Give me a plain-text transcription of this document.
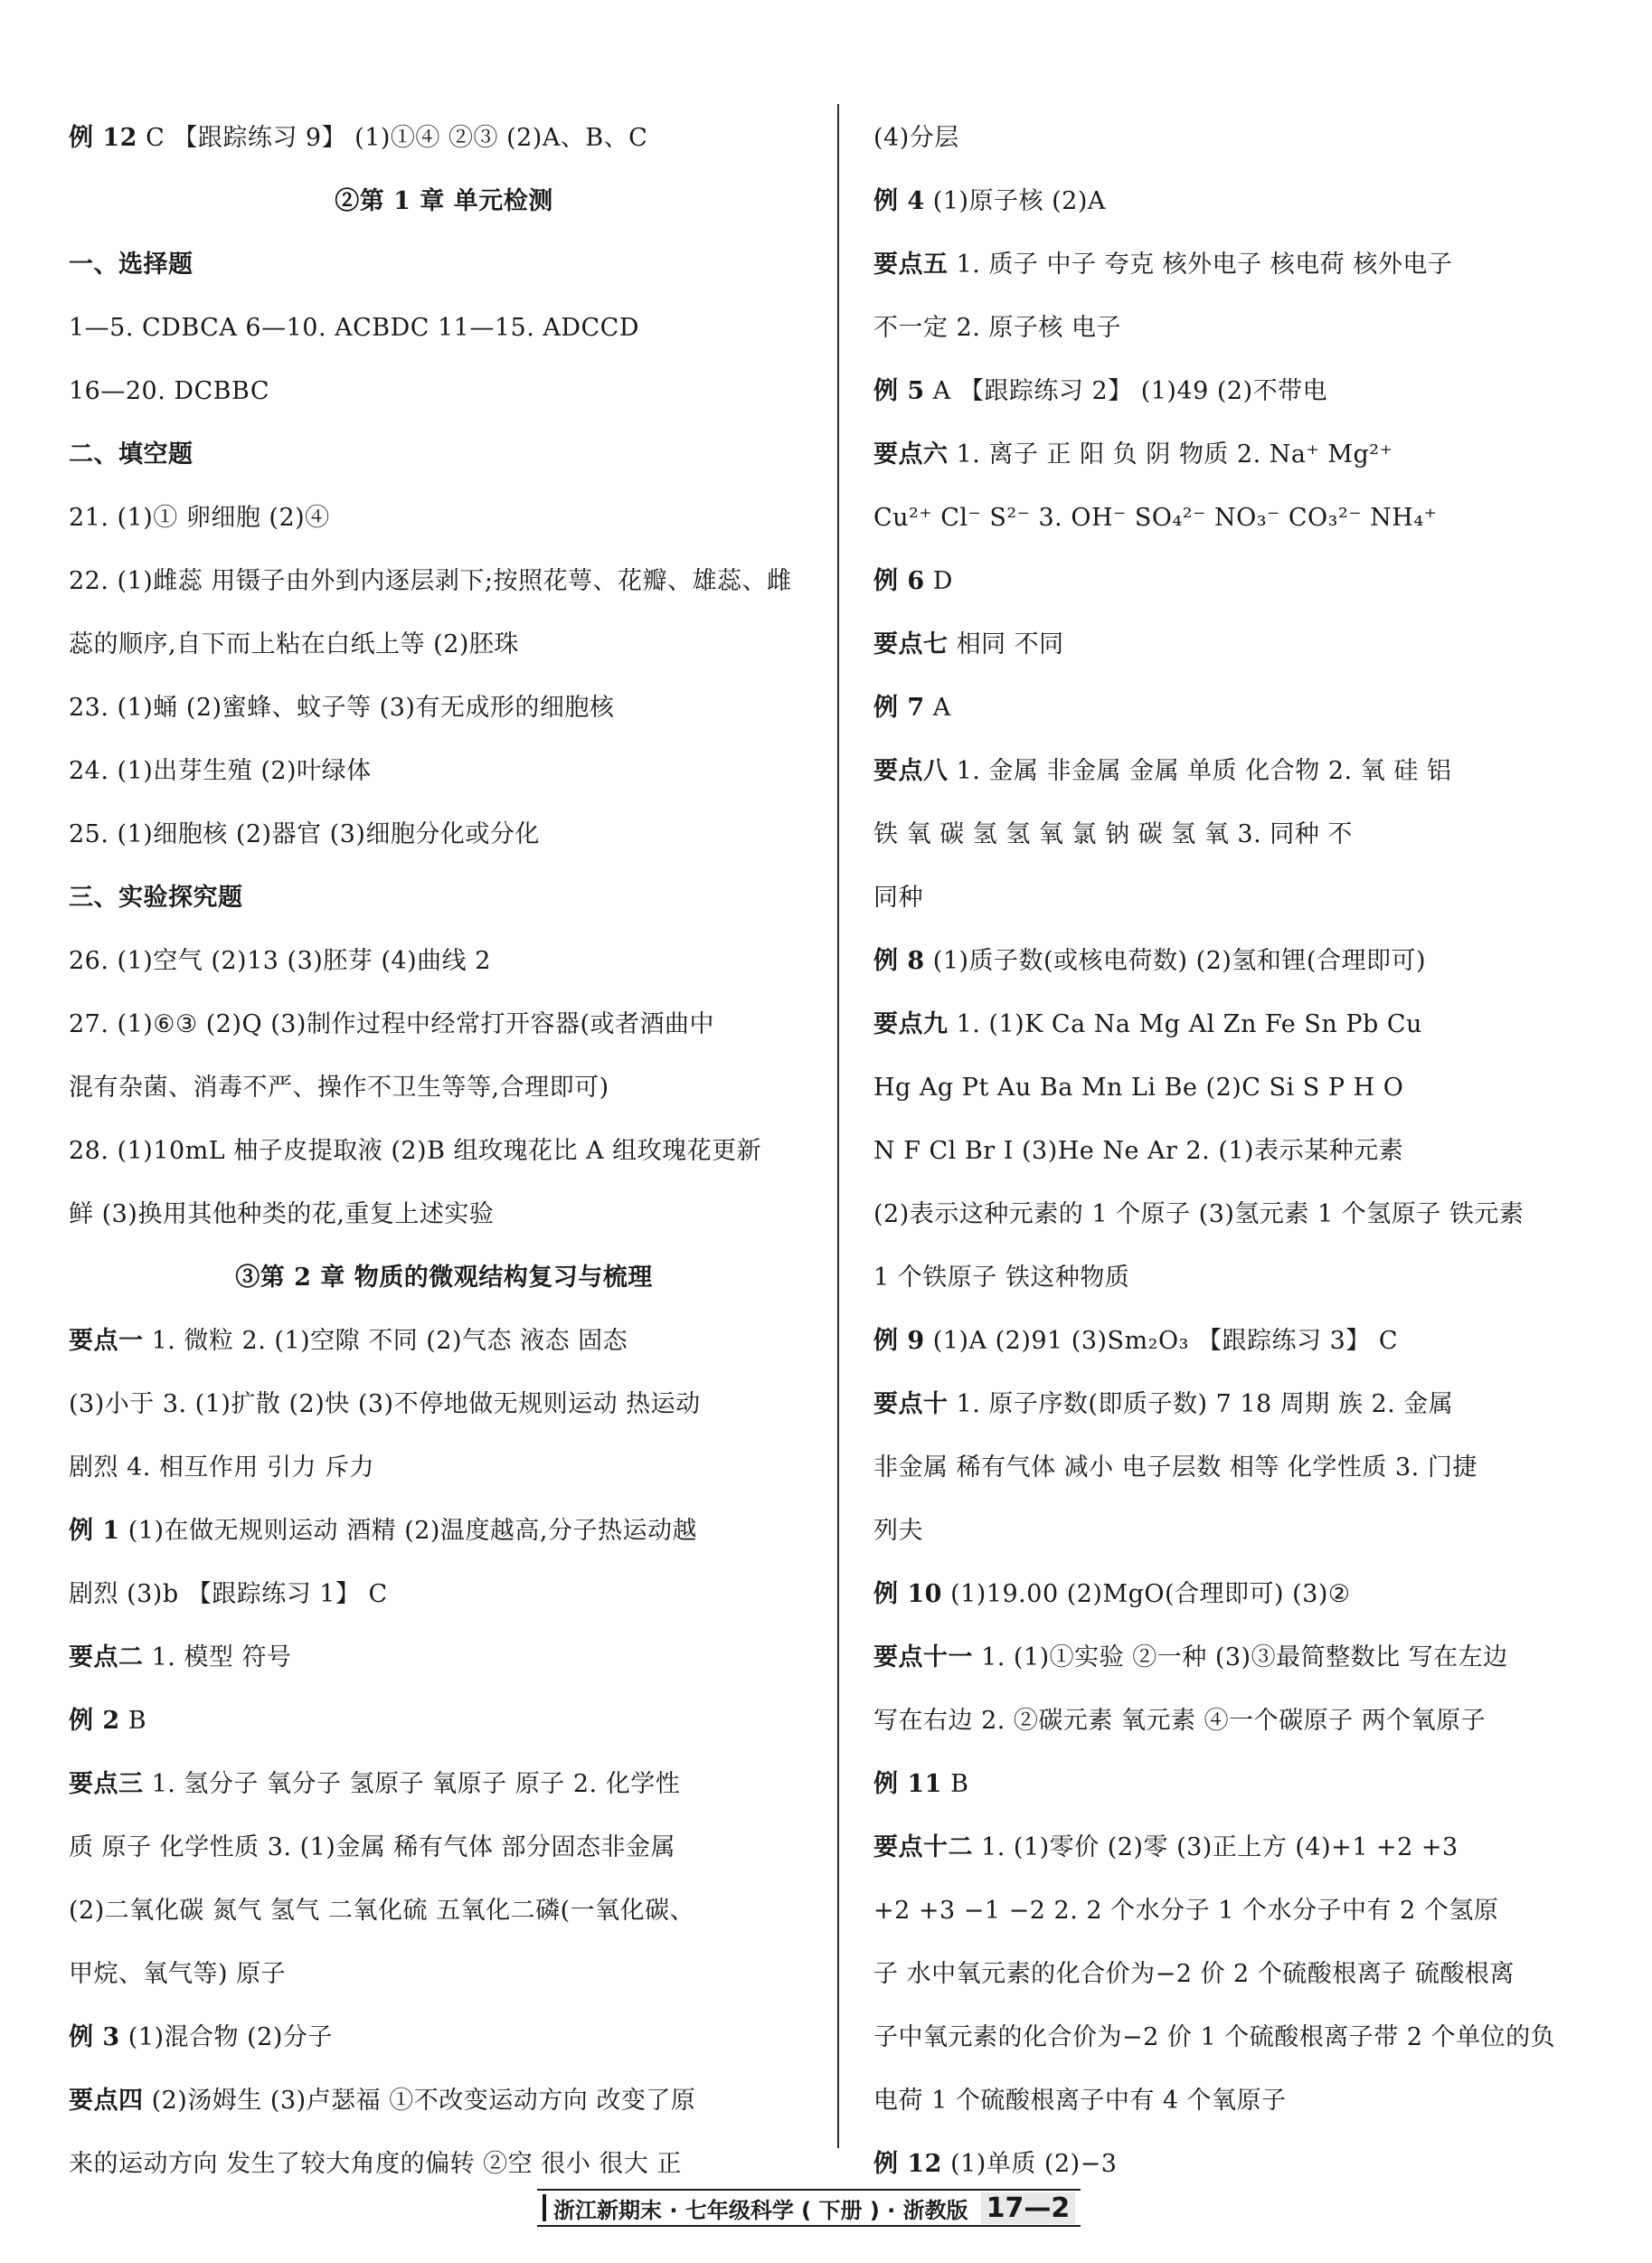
例 12 C 【跟踪练习 9】 (1)①④ ②③ (2)A、B、C
②第 1 章 单元检测
一、选择题
1—5. CDBCA 6—10. ACBDC 11—15. ADCCD
16—20. DCBBC
二、填空题
21. (1)① 卵细胞 (2)④
22. (1)雌蕊 用镊子由外到内逐层剥下;按照花萼、花瓣、雄蕊、雌
蕊的顺序,自下而上粘在白纸上等 (2)胚珠
23. (1)蛹 (2)蜜蜂、蚊子等 (3)有无成形的细胞核
24. (1)出芽生殖 (2)叶绿体
25. (1)细胞核 (2)器官 (3)细胞分化或分化
三、实验探究题
26. (1)空气 (2)13 (3)胚芽 (4)曲线 2
27. (1)⑥③ (2)Q (3)制作过程中经常打开容器(或者酒曲中
混有杂菌、消毒不严、操作不卫生等等,合理即可)
28. (1)10mL 柚子皮提取液 (2)B 组玫瑰花比 A 组玫瑰花更新
鲜 (3)换用其他种类的花,重复上述实验
③第 2 章 物质的微观结构复习与梳理
要点一 1. 微粒 2. (1)空隙 不同 (2)气态 液态 固态
(3)小于 3. (1)扩散 (2)快 (3)不停地做无规则运动 热运动
剧烈 4. 相互作用 引力 斥力
例 1 (1)在做无规则运动 酒精 (2)温度越高,分子热运动越
剧烈 (3)b 【跟踪练习 1】 C
要点二 1. 模型 符号
例 2 B
要点三 1. 氢分子 氧分子 氢原子 氧原子 原子 2. 化学性
质 原子 化学性质 3. (1)金属 稀有气体 部分固态非金属
(2)二氧化碳 氮气 氢气 二氧化硫 五氧化二磷(一氧化碳、
甲烷、氧气等) 原子
例 3 (1)混合物 (2)分子
要点四 (2)汤姆生 (3)卢瑟福 ①不改变运动方向 改变了原
来的运动方向 发生了较大角度的偏转 ②空 很小 很大 正
(4)分层
例 4 (1)原子核 (2)A
要点五 1. 质子 中子 夸克 核外电子 核电荷 核外电子
不一定 2. 原子核 电子
例 5 A 【跟踪练习 2】 (1)49 (2)不带电
要点六 1. 离子 正 阳 负 阴 物质 2. Na⁺ Mg²⁺
Cu²⁺ Cl⁻ S²⁻ 3. OH⁻ SO₄²⁻ NO₃⁻ CO₃²⁻ NH₄⁺
例 6 D
要点七 相同 不同
例 7 A
要点八 1. 金属 非金属 金属 单质 化合物 2. 氧 硅 铝
铁 氧 碳 氢 氢 氧 氯 钠 碳 氢 氧 3. 同种 不
同种
例 8 (1)质子数(或核电荷数) (2)氢和锂(合理即可)
要点九 1. (1)K Ca Na Mg Al Zn Fe Sn Pb Cu
Hg Ag Pt Au Ba Mn Li Be (2)C Si S P H O
N F Cl Br I (3)He Ne Ar 2. (1)表示某种元素
(2)表示这种元素的 1 个原子 (3)氢元素 1 个氢原子 铁元素
1 个铁原子 铁这种物质
例 9 (1)A (2)91 (3)Sm₂O₃ 【跟踪练习 3】 C
要点十 1. 原子序数(即质子数) 7 18 周期 族 2. 金属
非金属 稀有气体 减小 电子层数 相等 化学性质 3. 门捷
列夫
例 10 (1)19.00 (2)MgO(合理即可) (3)②
要点十一 1. (1)①实验 ②一种 (3)③最简整数比 写在左边
写在右边 2. ②碳元素 氧元素 ④一个碳原子 两个氧原子
例 11 B
要点十二 1. (1)零价 (2)零 (3)正上方 (4)+1 +2 +3
+2 +3 −1 −2 2. 2 个水分子 1 个水分子中有 2 个氢原
子 水中氧元素的化合价为−2 价 2 个硫酸根离子 硫酸根离
子中氧元素的化合价为−2 价 1 个硫酸根离子带 2 个单位的负
电荷 1 个硫酸根离子中有 4 个氧原子
例 12 (1)单质 (2)−3
浙江新期末 · 七年级科学 ( 下册 ) · 浙教版 17—2
